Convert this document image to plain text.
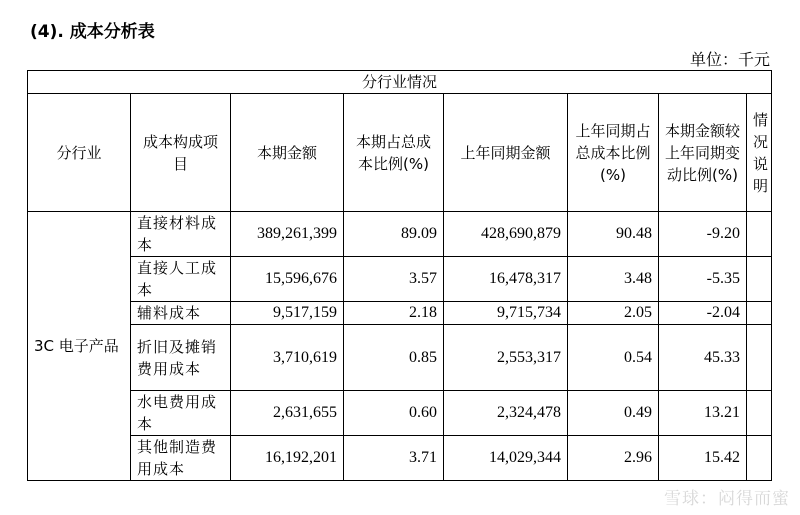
(4). 成本分析表
单位：千元
分行业情况							
分行业	成本构成项目	本期金额	本期占总成本比例(%)	上年同期金额	上年同期占总成本比例(%)	本期金额较上年同期变动比例(%)	情况说明
3C 电子产品	直接材料成本	389,261,399	89.09	428,690,879	90.48	-9.20	
	直接人工成本	15,596,676	3.57	16,478,317	3.48	-5.35	
	辅料成本	9,517,159	2.18	9,715,734	2.05	-2.04	
	折旧及摊销费用成本	3,710,619	0.85	2,553,317	0.54	45.33	
	水电费用成本	2,631,655	0.60	2,324,478	0.49	13.21	
	其他制造费用成本	16,192,201	3.71	14,029,344	2.96	15.42	
雪球：闷得而蜜
